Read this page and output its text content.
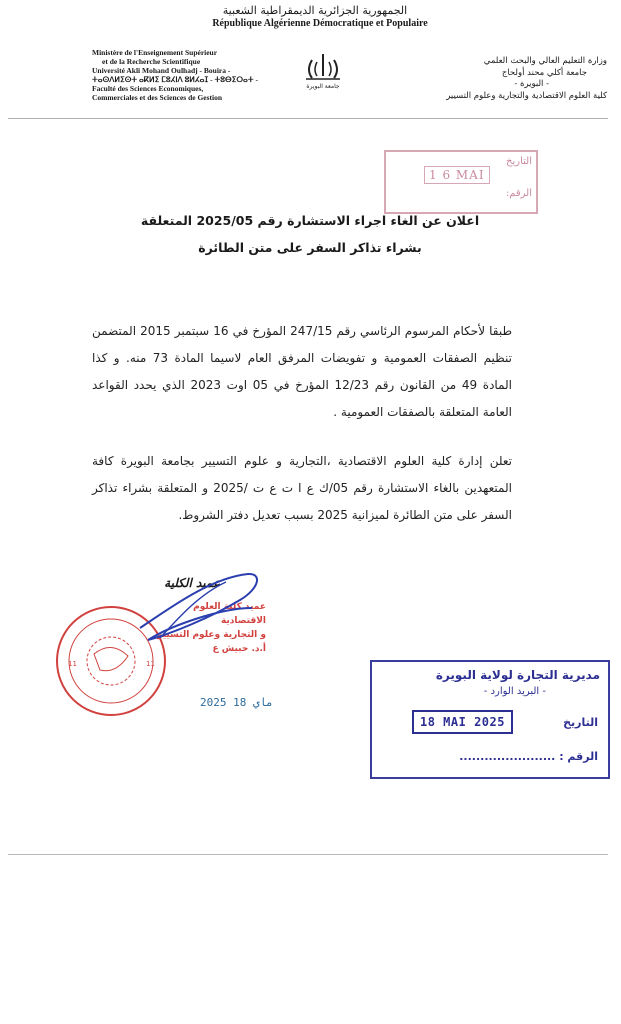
الجمهورية الجزائرية الديمقراطية الشعبية
République Algérienne Démocratique et Populaire
Ministère de l'Enseignement Supérieur
et de la Recherche Scientifique
Université Akli Mohand Oulhadj - Bouira -
ⵜⴰⵙⴷⵍⵉⵙⵜ ⴰⴽⵍⵉ ⵎⵓⵃⵏⴷ ⵓⵍⵃⴰⵊ - ⵜⵓⴱⵉⵔⴰⵜ -
Faculté des Sciences Economiques,
Commerciales et des Sciences de Gestion
جامعة البويرة
وزارة التعليم العالي والبحث العلمي
جامعة أكلي محند أولحاج
- البويرة -
كلية العلوم الاقتصادية والتجارية وعلوم التسيير
التاريخ
1 6 MAI
الرقم:
اعلان عن الغاء اجراء الاستشارة رقم 2025/05 المتعلقة
بشراء تذاكر السفر على متن الطائرة
طبقا لأحكام المرسوم الرئاسي رقم 247/15 المؤرخ في 16 سبتمبر 2015 المتضمن تنظيم الصفقات العمومية و تفويضات المرفق العام لاسيما المادة 73 منه. و كذا المادة 49 من القانون رقم 12/23 المؤرخ في 05 اوت 2023 الذي يحدد القواعد العامة المتعلقة بالصفقات العمومية .
تعلن إدارة كلية العلوم الاقتصادية ،التجارية و علوم التسيير بجامعة البويرة كافة المتعهدين بالغاء الاستشارة رقم 05/ك ع ا ت ع ت /2025 و المتعلقة بشراء تذاكر السفر على متن الطائرة لميزانية 2025 بسبب تعديل دفتر الشروط.
عميد الكلية
11	11
عميد كلية العلوم الاقتصادية
و التجارية وعلوم التسيير
أ.د. حبيش ع
2025 ماي 18
مديرية التجارة لولاية البويرة
- البريد الوارد -
18 MAI 2025	التاريخ
الرقم : .......................
